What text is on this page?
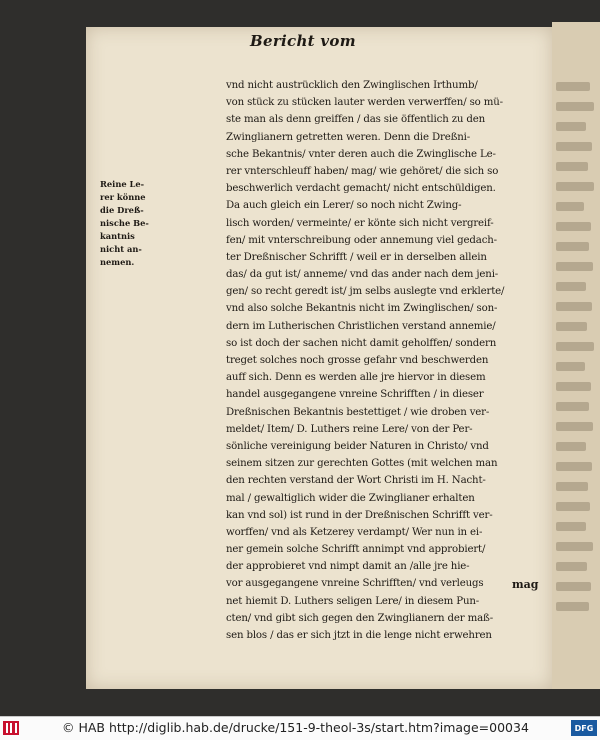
Bericht vom
Reine Le-
rer könne
die Dreß-
nische Be-
kantnis
nicht an-
nemen.
vnd nicht austrücklich den Zwinglischen Irthumb/
von stück zu stücken lauter werden verwerffen/ so mü-
ste man als denn greiffen / das sie öffentlich zu den
Zwinglianern getretten weren. Denn die Dreßni-
sche Bekantnis/ vnter deren auch die Zwinglische Le-
rer vnterschleuff haben/ mag/ wie gehöret/ die sich so
beschwerlich verdacht gemacht/ nicht entschüldigen.
Da auch gleich ein Lerer/ so noch nicht Zwing-
lisch worden/ vermeinte/ er könte sich nicht vergreif-
fen/ mit vnterschreibung oder annemung viel gedach-
ter Dreßnischer Schrifft / weil er in derselben allein
das/ da gut ist/ anneme/ vnd das ander nach dem jeni-
gen/ so recht geredt ist/ jm selbs auslegte vnd erklerte/
vnd also solche Bekantnis nicht im Zwinglischen/ son-
dern im Lutherischen Christlichen verstand annemie/
so ist doch der sachen nicht damit geholffen/ sondern
treget solches noch grosse gefahr vnd beschwerden
auff sich. Denn es werden alle jre hiervor in diesem
handel ausgegangene vnreine Schrifften / in dieser
Dreßnischen Bekantnis bestettiget / wie droben ver-
meldet/ Item/ D. Luthers reine Lere/ von der Per-
sönliche vereinigung beider Naturen in Christo/ vnd
seinem sitzen zur gerechten Gottes (mit welchen man
den rechten verstand der Wort Christi im H. Nacht-
mal / gewaltiglich wider die Zwinglianer erhalten
kan vnd sol) ist rund in der Dreßnischen Schrifft ver-
worffen/ vnd als Ketzerey verdampt/ Wer nun in ei-
ner gemein solche Schrifft annimpt vnd approbiert/
der approbieret vnd nimpt damit an /alle jre hie-
vor ausgegangene vnreine Schrifften/ vnd verleugs
net hiemit D. Luthers seligen Lere/ in diesem Pun-
cten/ vnd gibt sich gegen den Zwinglianern der maß-
sen blos / das er sich jtzt in die lenge nicht erwehren
mag
© HAB http://diglib.hab.de/drucke/151-9-theol-3s/start.htm?image=00034	DFG
